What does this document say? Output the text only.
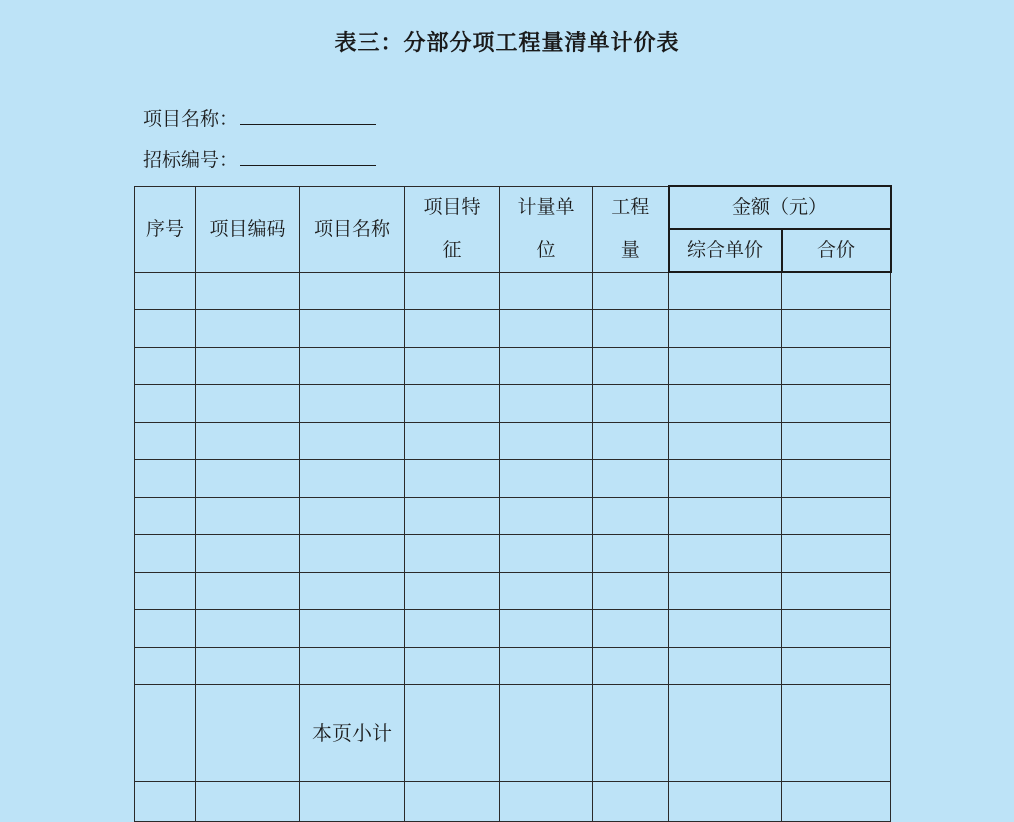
表三：分部分项工程量清单计价表
项目名称：
招标编号：
序号	项目编码	项目名称	项目特	计量单	工程	金额（元）	
			征	位	量	综合单价	合价

		本页小计					
